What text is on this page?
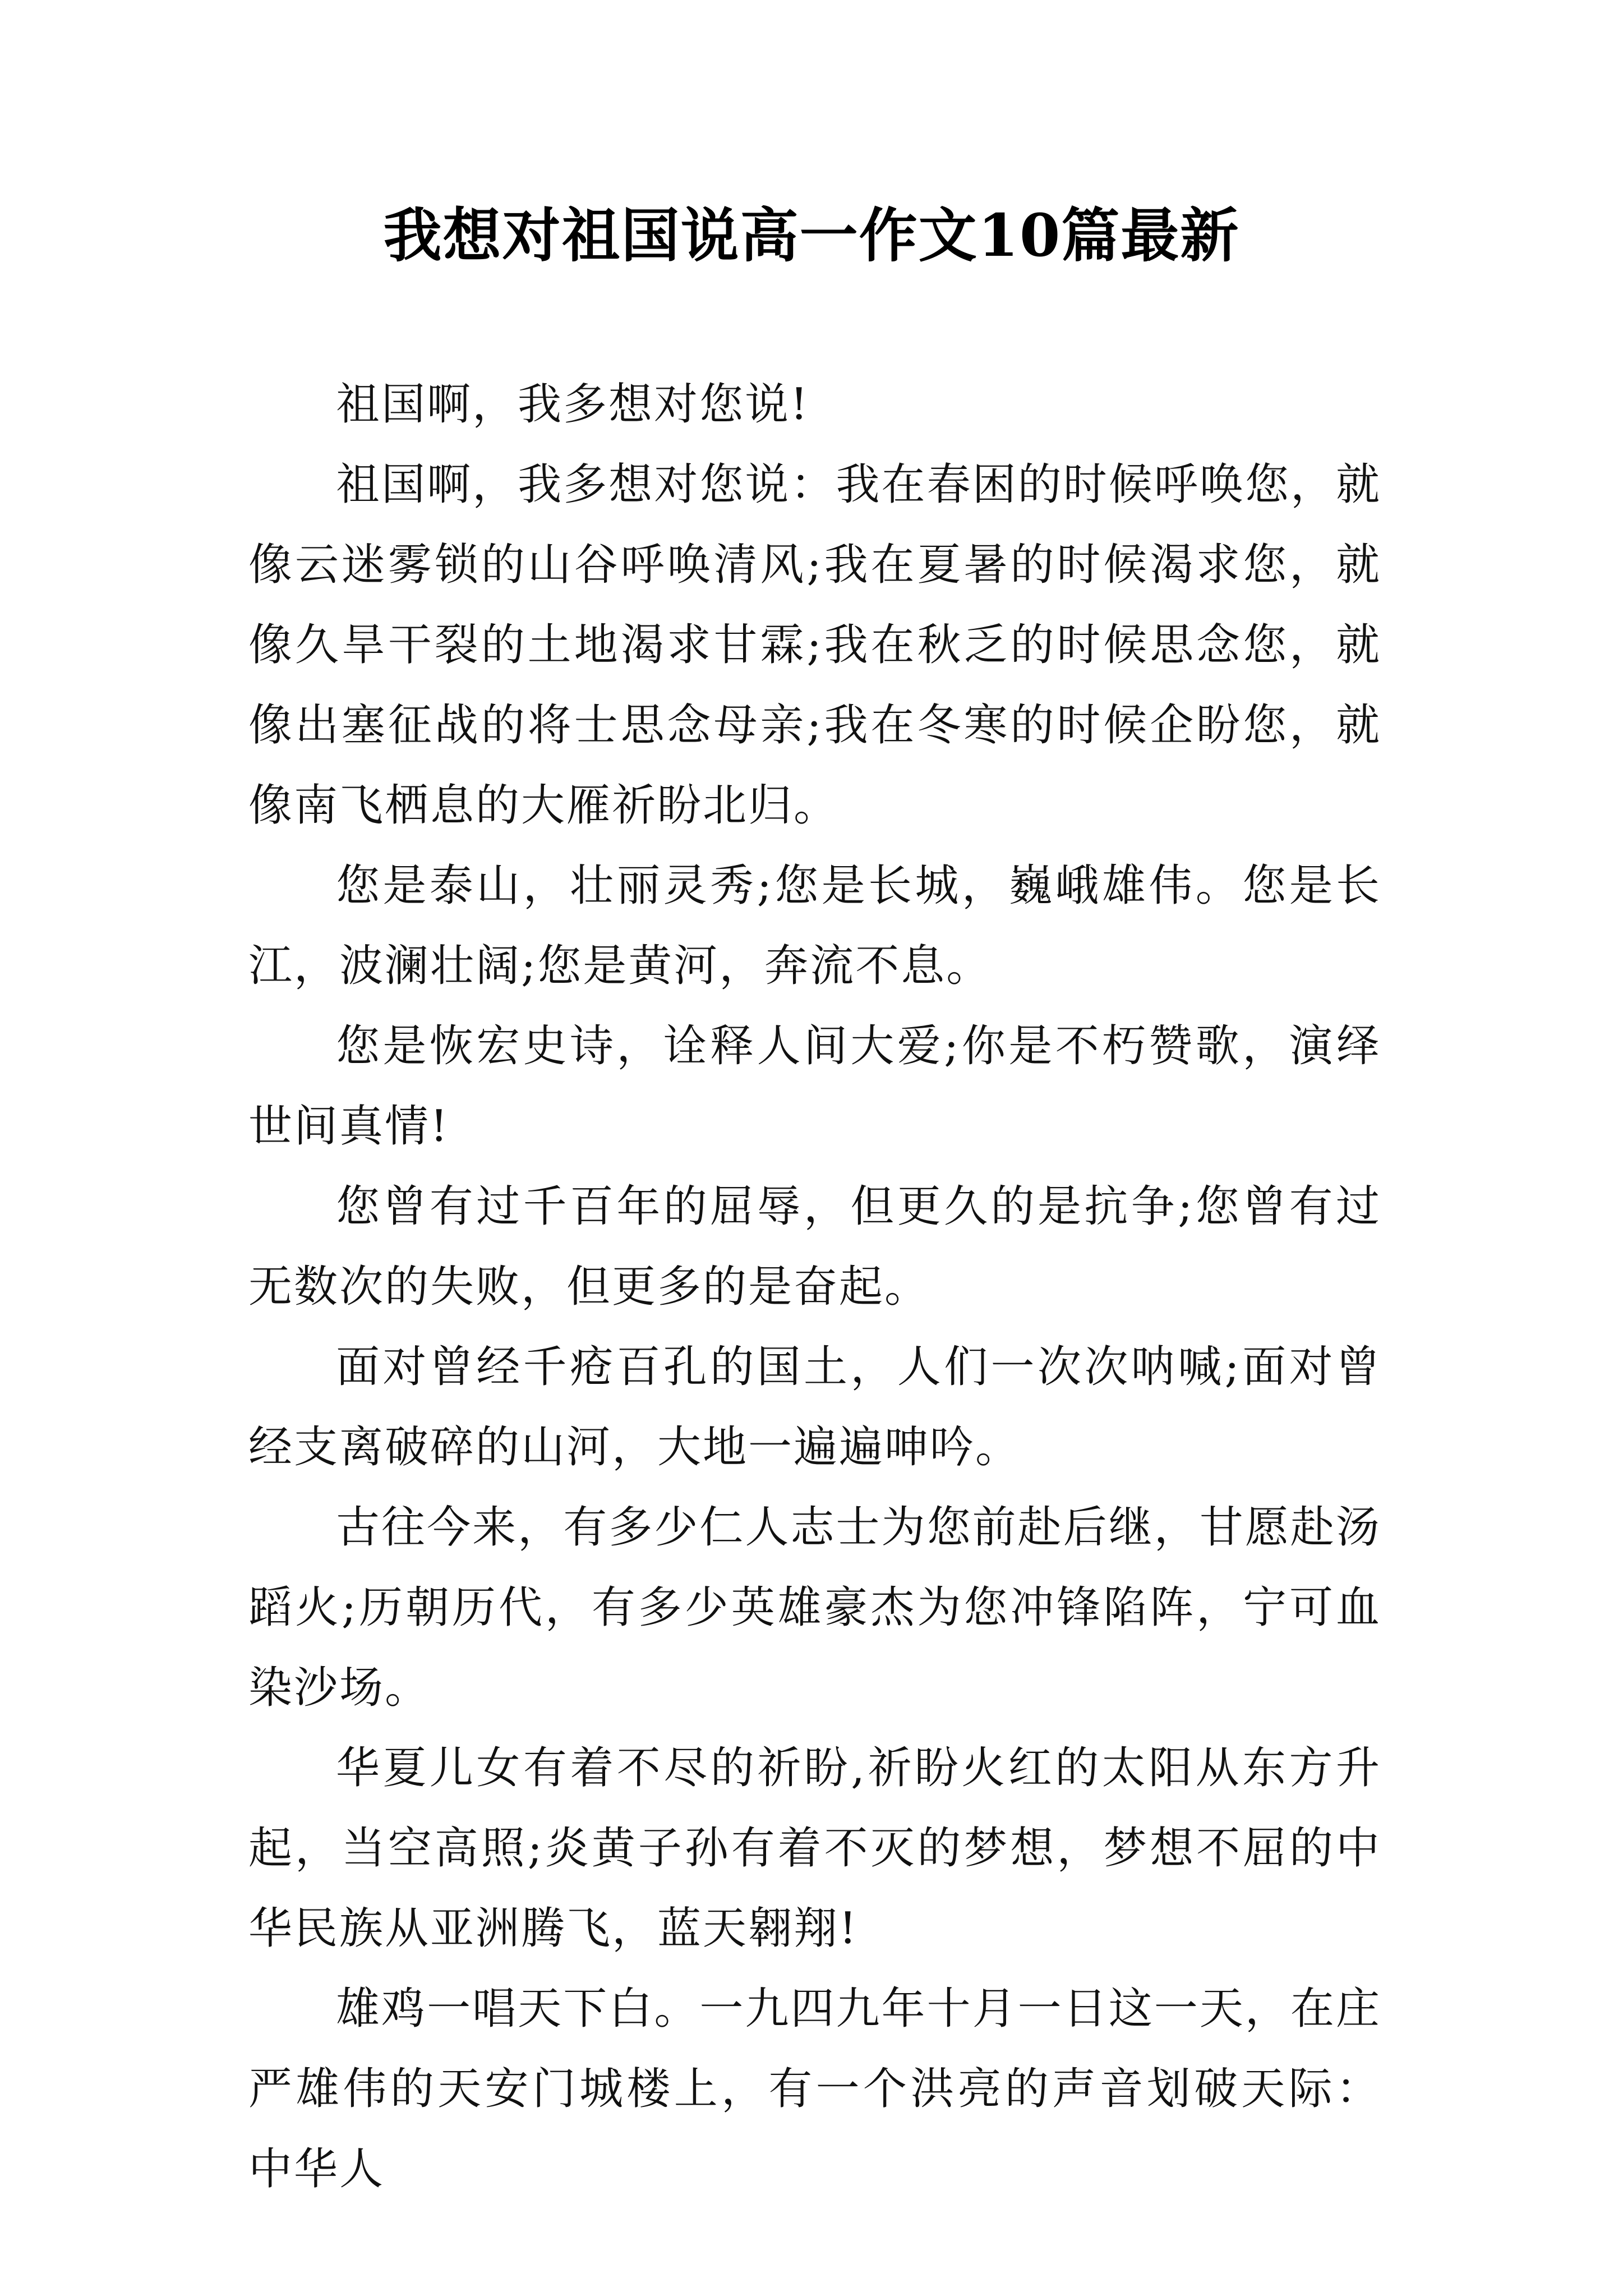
我想对祖国说高一作文10篇最新

祖国啊，我多想对您说!

祖国啊，我多想对您说：我在春困的时候呼唤您，就像云迷雾锁的山谷呼唤清风;我在夏暑的时候渴求您，就像久旱干裂的土地渴求甘霖;我在秋乏的时候思念您，就像出塞征战的将士思念母亲;我在冬寒的时候企盼您，就像南飞栖息的大雁祈盼北归。

您是泰山，壮丽灵秀;您是长城，巍峨雄伟。您是长江，波澜壮阔;您是黄河，奔流不息。

您是恢宏史诗，诠释人间大爱;你是不朽赞歌，演绎世间真情!

您曾有过千百年的屈辱，但更久的是抗争;您曾有过无数次的失败，但更多的是奋起。

面对曾经千疮百孔的国土，人们一次次呐喊;面对曾经支离破碎的山河，大地一遍遍呻吟。

古往今来，有多少仁人志士为您前赴后继，甘愿赴汤蹈火;历朝历代，有多少英雄豪杰为您冲锋陷阵，宁可血染沙场。

华夏儿女有着不尽的祈盼,祈盼火红的太阳从东方升起，当空高照;炎黄子孙有着不灭的梦想，梦想不屈的中华民族从亚洲腾飞，蓝天翱翔!

雄鸡一唱天下白。一九四九年十月一日这一天，在庄严雄伟的天安门城楼上，有一个洪亮的声音划破天际：中华人
